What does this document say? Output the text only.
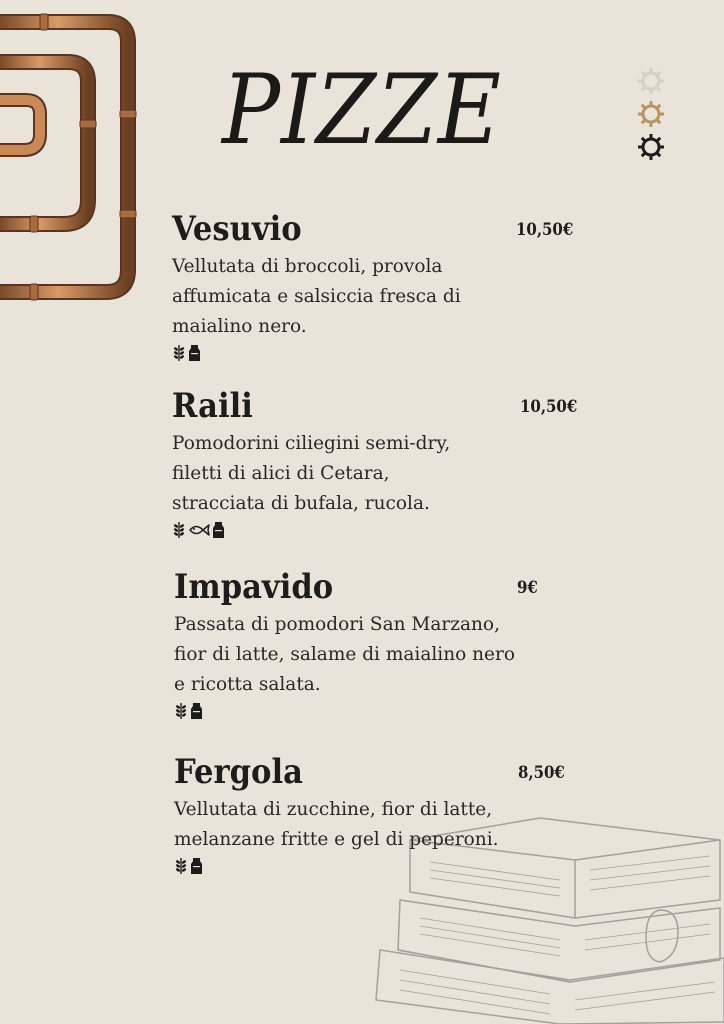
PIZZE
Vesuvio	10,50€

Vellutata di broccoli, provola
affumicata e salsiccia fresca di
maialino nero.

Raili	10,50€

Pomodorini ciliegini semi-dry,
filetti di alici di Cetara,
stracciata di bufala, rucola.

Impavido	9€

Passata di pomodori San Marzano,
fior di latte, salame di maialino nero
e ricotta salata.

Fergola	8,50€

Vellutata di zucchine, fior di latte,
melanzane fritte e gel di peperoni.
